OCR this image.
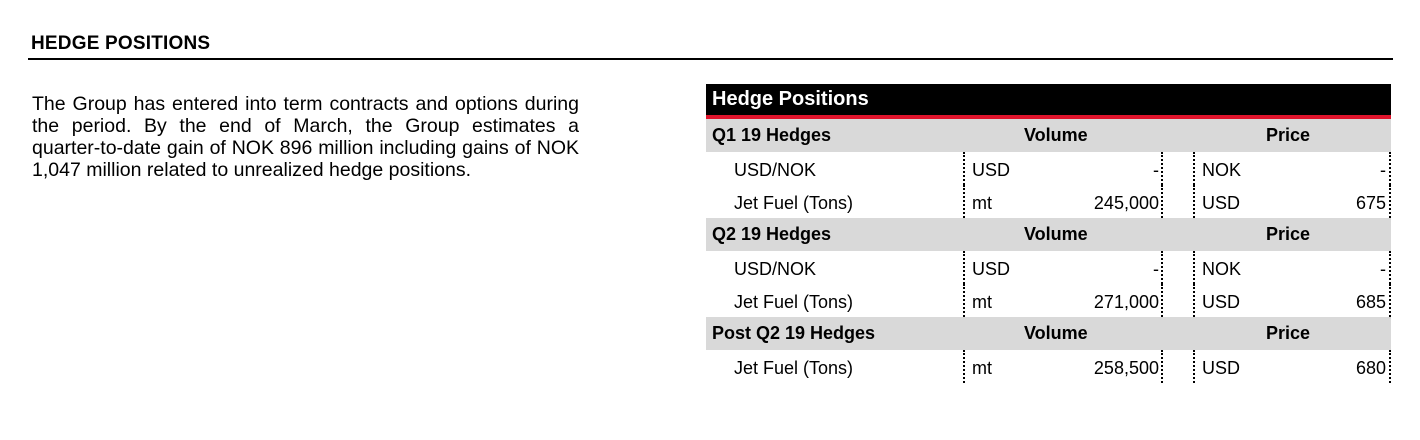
HEDGE POSITIONS
The Group has entered into term contracts and options during the period. By the end of March, the Group estimates a quarter-to-date gain of NOK 896 million including gains of NOK 1,047 million related to unrealized hedge positions.
Hedge Positions
Q1 19 Hedges	Volume	Price
USD/NOK	USD	- NOK	-
Jet Fuel (Tons)	mt	245,000 USD	675
Q2 19 Hedges	Volume	Price
USD/NOK	USD	- NOK	-
Jet Fuel (Tons)	mt	271,000 USD	685
Post Q2 19 Hedges	Volume	Price
Jet Fuel (Tons)	mt	258,500 USD	680
